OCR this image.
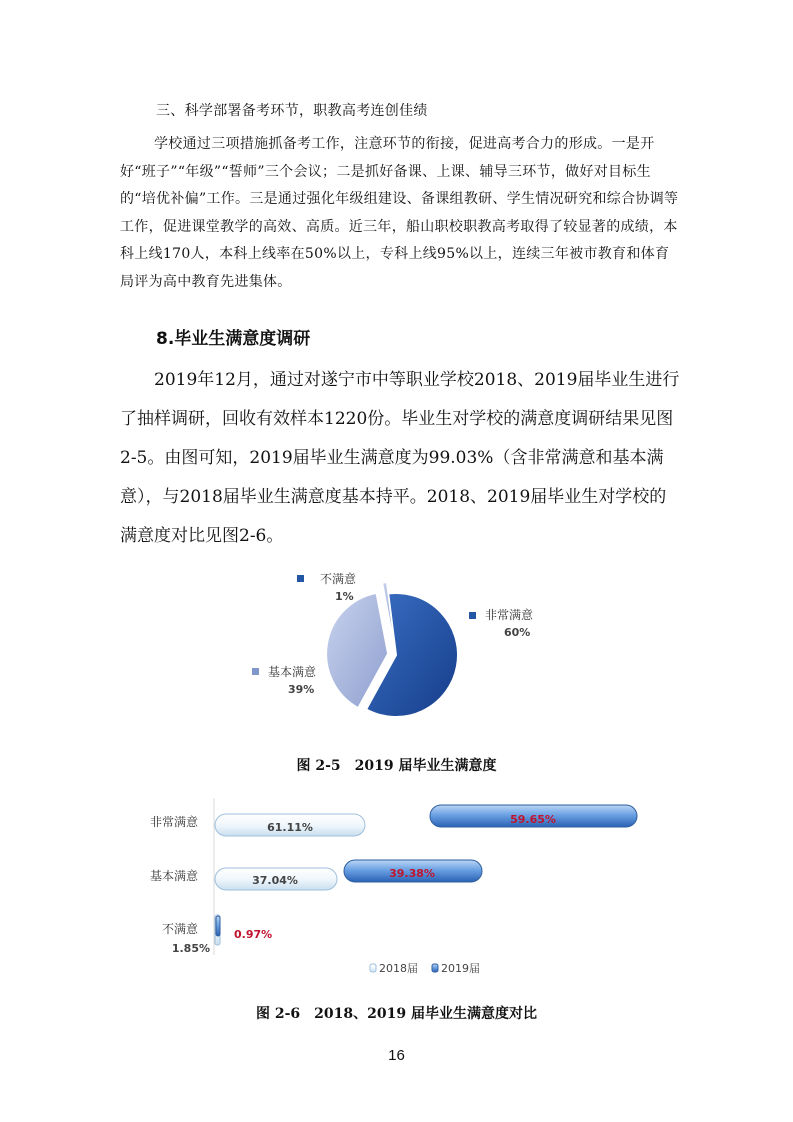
三、科学部署备考环节，职教高考连创佳绩

学校通过三项措施抓备考工作，注意环节的衔接，促进高考合力的形成。一是开好“班子”“年级”“誓师”三个会议；二是抓好备课、上课、辅导三环节，做好对目标生的“培优补偏”工作。三是通过强化年级组建设、备课组教研、学生情况研究和综合协调等工作，促进课堂教学的高效、高质。近三年，船山职校职教高考取得了较显著的成绩，本科上线170人，本科上线率在50%以上，专科上线95%以上，连续三年被市教育和体育局评为高中教育先进集体。

8.毕业生满意度调研

2019年12月，通过对遂宁市中等职业学校2018、2019届毕业生进行了抽样调研，回收有效样本1220份。毕业生对学校的满意度调研结果见图2-5。由图可知，2019届毕业生满意度为99.03%（含非常满意和基本满意），与2018届毕业生满意度基本持平。2018、2019届毕业生对学校的满意度对比见图2-6。

不满意
1%
非常满意
60%
基本满意
39%
非常满意
基本满意
不满意
61.11%
59.65%
37.04%
39.38%
1.85%
0.97%
2018届 2019届
图 2-5 2019 届毕业生满意度
图 2-6 2018、2019 届毕业生满意度对比
16
